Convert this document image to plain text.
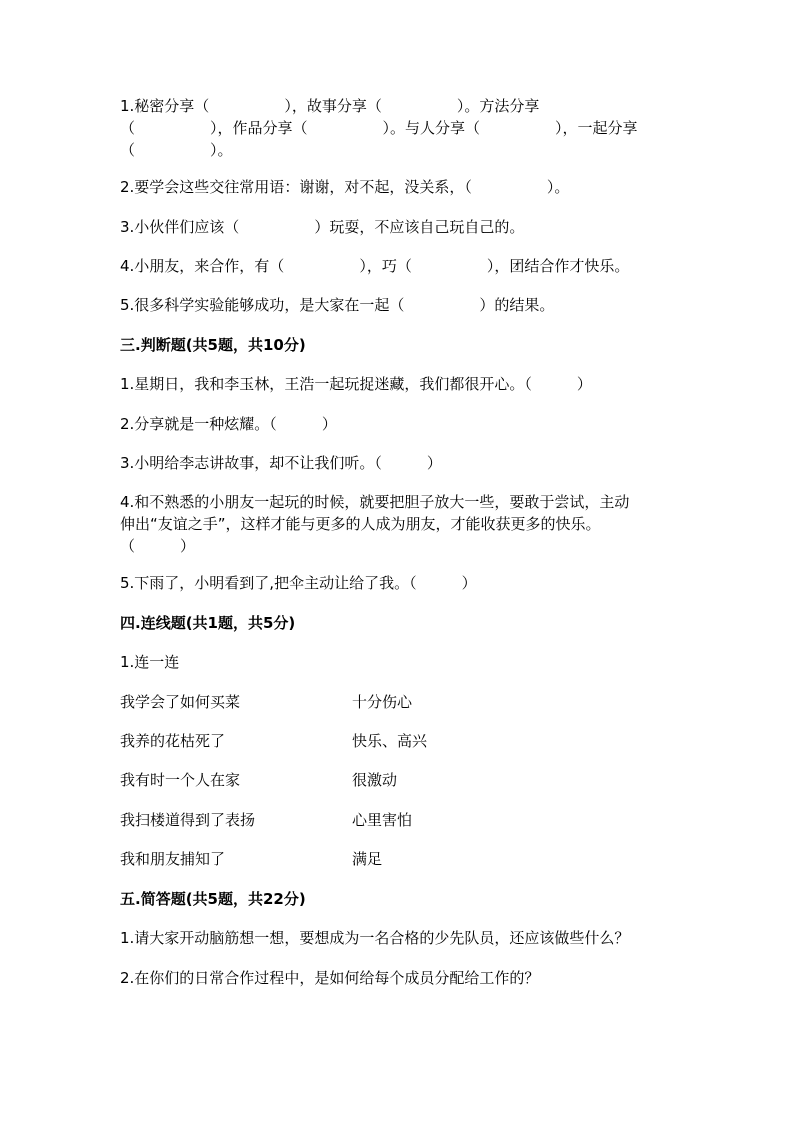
1.秘密分享（　　　　　），故事分享（　　　　　）。方法分享
（　　　　　），作品分享（　　　　　）。与人分享（　　　　　），一起分享
（　　　　　）。
2.要学会这些交往常用语：谢谢，对不起，没关系，（　　　　　）。
3.小伙伴们应该（　　　　　）玩耍，不应该自己玩自己的。
4.小朋友，来合作，有（　　　　　），巧（　　　　　），团结合作才快乐。
5.很多科学实验能够成功，是大家在一起（　　　　　）的结果。
三.判断题(共5题，共10分)
1.星期日，我和李玉林，王浩一起玩捉迷藏，我们都很开心。（　　　）
2.分享就是一种炫耀。（　　　）
3.小明给李志讲故事，却不让我们听。（　　　）
4.和不熟悉的小朋友一起玩的时候，就要把胆子放大一些，要敢于尝试，主动
伸出“友谊之手”，这样才能与更多的人成为朋友，才能收获更多的快乐。
（　　　）
5.下雨了，小明看到了,把伞主动让给了我。（　　　）
四.连线题(共1题，共5分)
1.连一连
我学会了如何买菜	十分伤心
我养的花枯死了	快乐、高兴
我有时一个人在家	很激动
我扫楼道得到了表扬	心里害怕
我和朋友捕知了	满足
五.简答题(共5题，共22分)
1.请大家开动脑筋想一想，要想成为一名合格的少先队员，还应该做些什么？
2.在你们的日常合作过程中，是如何给每个成员分配给工作的？
